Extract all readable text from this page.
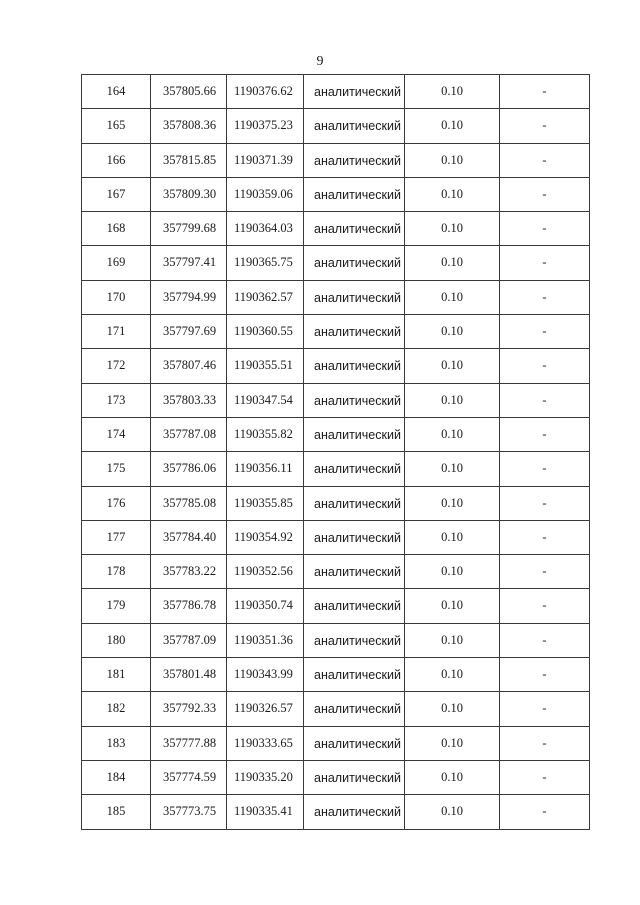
9
164	357805.66	1190376.62	аналитический	0.10	-
165	357808.36	1190375.23	аналитический	0.10	-
166	357815.85	1190371.39	аналитический	0.10	-
167	357809.30	1190359.06	аналитический	0.10	-
168	357799.68	1190364.03	аналитический	0.10	-
169	357797.41	1190365.75	аналитический	0.10	-
170	357794.99	1190362.57	аналитический	0.10	-
171	357797.69	1190360.55	аналитический	0.10	-
172	357807.46	1190355.51	аналитический	0.10	-
173	357803.33	1190347.54	аналитический	0.10	-
174	357787.08	1190355.82	аналитический	0.10	-
175	357786.06	1190356.11	аналитический	0.10	-
176	357785.08	1190355.85	аналитический	0.10	-
177	357784.40	1190354.92	аналитический	0.10	-
178	357783.22	1190352.56	аналитический	0.10	-
179	357786.78	1190350.74	аналитический	0.10	-
180	357787.09	1190351.36	аналитический	0.10	-
181	357801.48	1190343.99	аналитический	0.10	-
182	357792.33	1190326.57	аналитический	0.10	-
183	357777.88	1190333.65	аналитический	0.10	-
184	357774.59	1190335.20	аналитический	0.10	-
185	357773.75	1190335.41	аналитический	0.10	-
